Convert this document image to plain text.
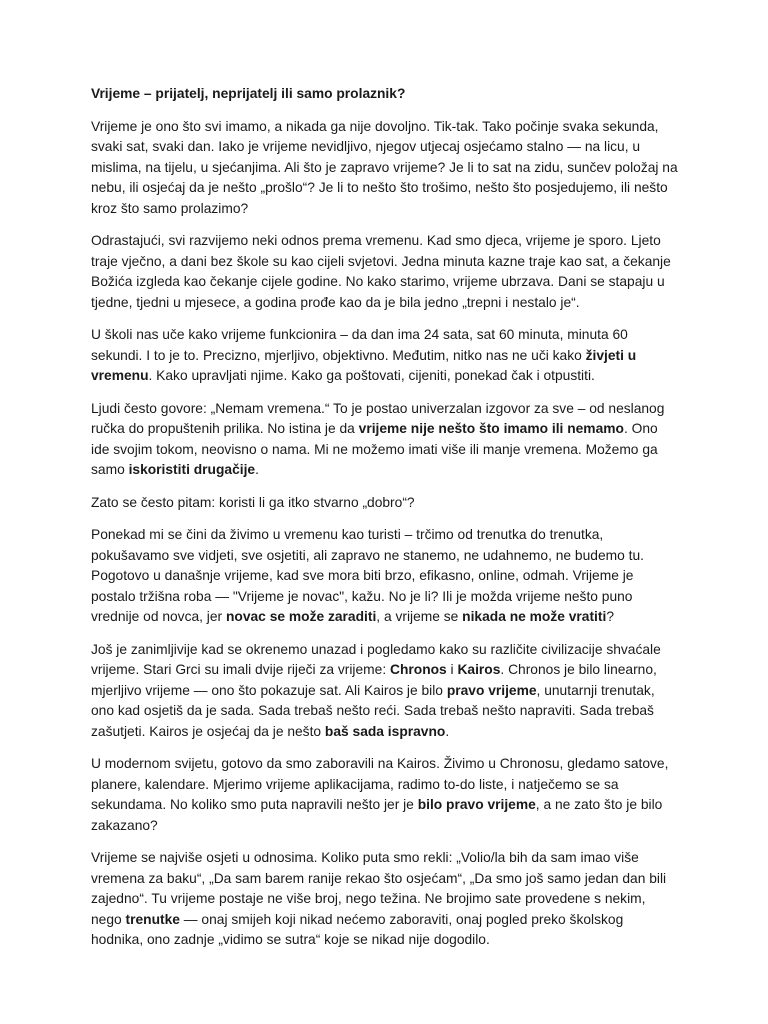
Vrijeme – prijatelj, neprijatelj ili samo prolaznik?

Vrijeme je ono što svi imamo, a nikada ga nije dovoljno. Tik-tak. Tako počinje svaka sekunda, svaki sat, svaki dan. Iako je vrijeme nevidljivo, njegov utjecaj osjećamo stalno — na licu, u mislima, na tijelu, u sjećanjima. Ali što je zapravo vrijeme? Je li to sat na zidu, sunčev položaj na nebu, ili osjećaj da je nešto „prošlo“? Je li to nešto što trošimo, nešto što posjedujemo, ili nešto kroz što samo prolazimo?

Odrastajući, svi razvijemo neki odnos prema vremenu. Kad smo djeca, vrijeme je sporo. Ljeto traje vječno, a dani bez škole su kao cijeli svjetovi. Jedna minuta kazne traje kao sat, a čekanje Božića izgleda kao čekanje cijele godine. No kako starimo, vrijeme ubrzava. Dani se stapaju u tjedne, tjedni u mjesece, a godina prođe kao da je bila jedno „trepni i nestalo je“.

U školi nas uče kako vrijeme funkcionira – da dan ima 24 sata, sat 60 minuta, minuta 60 sekundi. I to je to. Precizno, mjerljivo, objektivno. Međutim, nitko nas ne uči kako živjeti u vremenu. Kako upravljati njime. Kako ga poštovati, cijeniti, ponekad čak i otpustiti.

Ljudi često govore: „Nemam vremena.“ To je postao univerzalan izgovor za sve – od neslanog ručka do propuštenih prilika. No istina je da vrijeme nije nešto što imamo ili nemamo. Ono ide svojim tokom, neovisno o nama. Mi ne možemo imati više ili manje vremena. Možemo ga samo iskoristiti drugačije.

Zato se često pitam: koristi li ga itko stvarno „dobro“?

Ponekad mi se čini da živimo u vremenu kao turisti – trčimo od trenutka do trenutka, pokušavamo sve vidjeti, sve osjetiti, ali zapravo ne stanemo, ne udahnemo, ne budemo tu. Pogotovo u današnje vrijeme, kad sve mora biti brzo, efikasno, online, odmah. Vrijeme je postalo tržišna roba — "Vrijeme je novac", kažu. No je li? Ili je možda vrijeme nešto puno vrednije od novca, jer novac se može zaraditi, a vrijeme se nikada ne može vratiti?

Još je zanimljivije kad se okrenemo unazad i pogledamo kako su različite civilizacije shvaćale vrijeme. Stari Grci su imali dvije riječi za vrijeme: Chronos i Kairos. Chronos je bilo linearno, mjerljivo vrijeme — ono što pokazuje sat. Ali Kairos je bilo pravo vrijeme, unutarnji trenutak, ono kad osjetiš da je sada. Sada trebaš nešto reći. Sada trebaš nešto napraviti. Sada trebaš zašutjeti. Kairos je osjećaj da je nešto baš sada ispravno.

U modernom svijetu, gotovo da smo zaboravili na Kairos. Živimo u Chronosu, gledamo satove, planere, kalendare. Mjerimo vrijeme aplikacijama, radimo to-do liste, i natječemo se sa sekundama. No koliko smo puta napravili nešto jer je bilo pravo vrijeme, a ne zato što je bilo zakazano?

Vrijeme se najviše osjeti u odnosima. Koliko puta smo rekli: „Volio/la bih da sam imao više vremena za baku“, „Da sam barem ranije rekao što osjećam“, „Da smo još samo jedan dan bili zajedno“. Tu vrijeme postaje ne više broj, nego težina. Ne brojimo sate provedene s nekim, nego trenutke — onaj smijeh koji nikad nećemo zaboraviti, onaj pogled preko školskog hodnika, ono zadnje „vidimo se sutra“ koje se nikad nije dogodilo.
